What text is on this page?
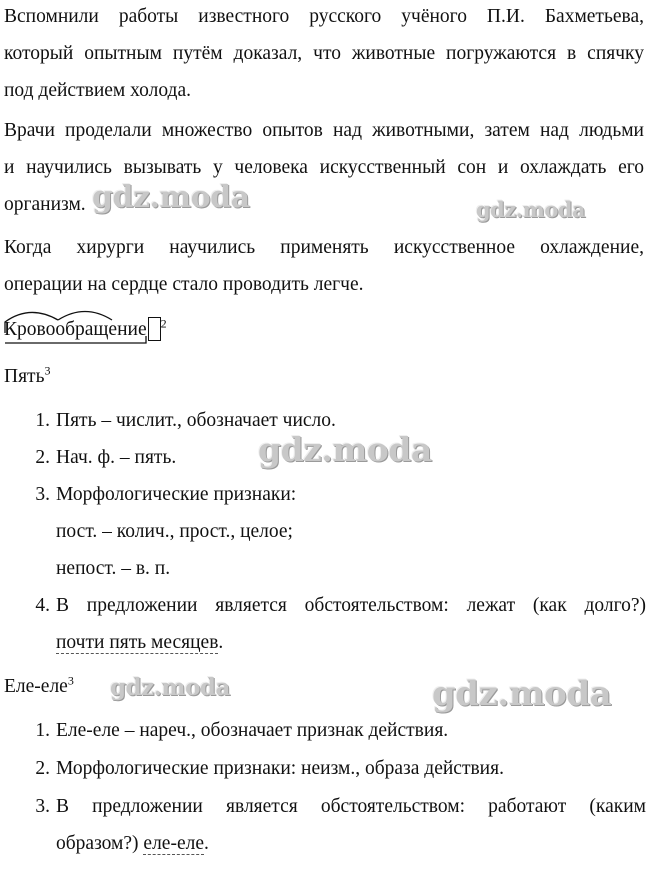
Вспомнили работы известного русского учёного П.И. Бахметьева,
который опытным путём доказал, что животные погружаются в спячку
под действием холода.
Врачи проделали множество опытов над животными, затем над людьми
и научились вызывать у человека искусственный сон и охлаждать его
организм.
Когда хирурги научились применять искусственное охлаждение,
операции на сердце стало проводить легче.
Кровообращение $^2$
Пять$^3$
1. Пять – числит., обозначает число.
2. Нач. ф. – пять.
3. Морфологические признаки:
пост. – колич., прост., целое;
непост. – в. п.
4. В предложении является обстоятельством: лежат (как долго?)
почти пять месяцев.
Еле-еле$^3$
1. Еле-еле – нареч., обозначает признак действия.
2. Морфологические признаки: неизм., образа действия.
3. В предложении является обстоятельством: работают (каким
образом?) еле-еле.
gdz.moda	gdz.moda
gdz.moda
gdz.moda	gdz.moda
